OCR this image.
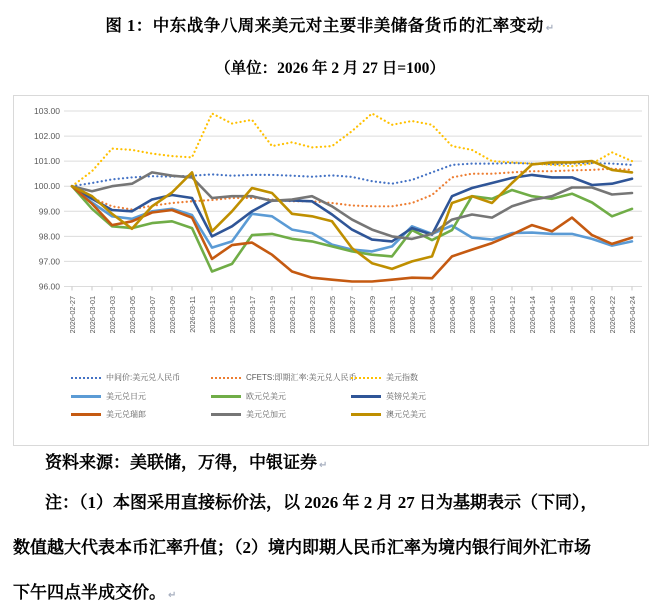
图 1：中东战争八周来美元对主要非美储备货币的汇率变动 ↵
（单位：2026 年 2 月 27 日=100）
96.00
97.00
98.00
99.00
100.00
101.00
102.00
103.00
2026-02-27 2026-03-01 2026-03-03 2026-03-05 2026-03-07 2026-03-09 2026-03-11 2026-03-13 2026-03-15 2026-03-17 2026-03-19 2026-03-21 2026-03-23 2026-03-25 2026-03-27 2026-03-29 2026-03-31 2026-04-02 2026-04-04 2026-04-06 2026-04-08 2026-04-10 2026-04-12 2026-04-14 2026-04-16 2026-04-18 2026-04-20 2026-04-22 2026-04-24
中间价:美元兑人民币	CFETS:即期汇率:美元兑人民币	美元指数
美元兑日元	欧元兑美元	英镑兑美元
美元兑瑞郎	美元兑加元	澳元兑美元
资料来源：美联储，万得，中银证券 ↵
注：（1）本图采用直接标价法，以 2026 年 2 月 27 日为基期表示（下同），
数值越大代表本币汇率升值；（2）境内即期人民币汇率为境内银行间外汇市场
下午四点半成交价。 ↵
